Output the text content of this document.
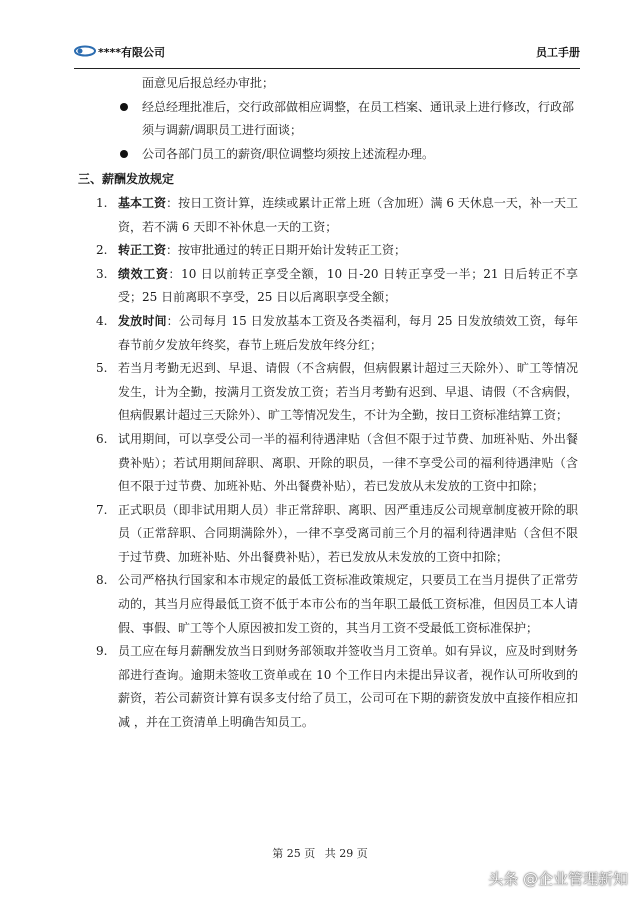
****有限公司	员工手册
面意见后报总经办审批；
经总经理批准后，交行政部做相应调整，在员工档案、通讯录上进行修改，行政部须与调薪/调职员工进行面谈；
公司各部门员工的薪资/职位调整均须按上述流程办理。
三、薪酬发放规定
1. 基本工资：按日工资计算，连续或累计正常上班（含加班）满 6 天休息一天，补一天工资，若不满 6 天即不补休息一天的工资；
2. 转正工资：按审批通过的转正日期开始计发转正工资；
3. 绩效工资：10 日以前转正享受全额，10 日-20 日转正享受一半；21 日后转正不享受；25 日前离职不享受，25 日以后离职享受全额；
4. 发放时间：公司每月 15 日发放基本工资及各类福利，每月 25 日发放绩效工资，每年春节前夕发放年终奖，春节上班后发放年终分红；
5. 若当月考勤无迟到、早退、请假（不含病假，但病假累计超过三天除外）、旷工等情况发生，计为全勤，按满月工资发放工资；若当月考勤有迟到、早退、请假（不含病假，但病假累计超过三天除外）、旷工等情况发生，不计为全勤，按日工资标准结算工资；
6. 试用期间，可以享受公司一半的福利待遇津贴（含但不限于过节费、加班补贴、外出餐费补贴）；若试用期间辞职、离职、开除的职员，一律不享受公司的福利待遇津贴（含但不限于过节费、加班补贴、外出餐费补贴），若已发放从未发放的工资中扣除；
7. 正式职员（即非试用期人员）非正常辞职、离职、因严重违反公司规章制度被开除的职员（正常辞职、合同期满除外），一律不享受离司前三个月的福利待遇津贴（含但不限于过节费、加班补贴、外出餐费补贴），若已发放从未发放的工资中扣除；
8. 公司严格执行国家和本市规定的最低工资标准政策规定，只要员工在当月提供了正常劳动的，其当月应得最低工资不低于本市公布的当年职工最低工资标准，但因员工本人请假、事假、旷工等个人原因被扣发工资的，其当月工资不受最低工资标准保护；
9. 员工应在每月薪酬发放当日到财务部领取并签收当月工资单。如有异议，应及时到财务部进行查询。逾期未签收工资单或在 10 个工作日内未提出异议者，视作认可所收到的薪资，若公司薪资计算有误多支付给了员工，公司可在下期的薪资发放中直接作相应扣减 ，并在工资清单上明确告知员工。
第 25 页 共 29 页
头条 @企业管理新知
